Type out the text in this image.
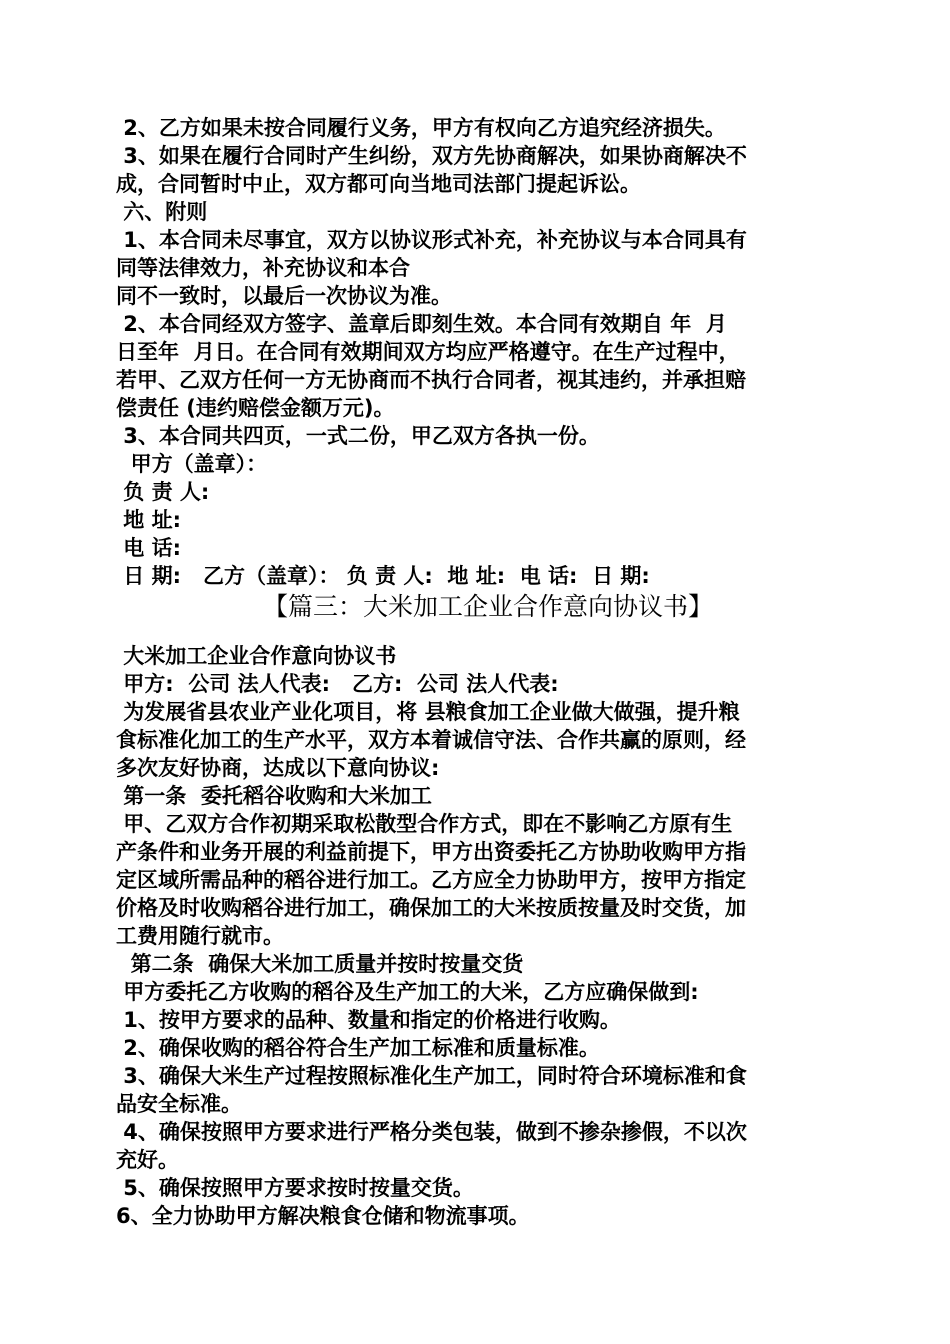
2、乙方如果未按合同履行义务，甲方有权向乙方追究经济损失。
3、如果在履行合同时产生纠纷，双方先协商解决，如果协商解决不
成，合同暂时中止，双方都可向当地司法部门提起诉讼。
六、附则
1、本合同未尽事宜，双方以协议形式补充，补充协议与本合同具有
同等法律效力，补充协议和本合
同不一致时，以最后一次协议为准。
2、本合同经双方签字、盖章后即刻生效。本合同有效期自 年  月
日至年  月日。在合同有效期间双方均应严格遵守。在生产过程中，
若甲、乙双方任何一方无协商而不执行合同者，视其违约，并承担赔
偿责任 (违约赔偿金额万元)。
3、本合同共四页，一式二份，甲乙双方各执一份。
甲方（盖章）：
负 责 人:
地 址:
电 话:
日 期:   乙方（盖章）： 负 责 人:  地 址:  电 话:  日 期:
【篇三：大米加工企业合作意向协议书】
大米加工企业合作意向协议书
甲方:  公司 法人代表:   乙方:  公司 法人代表:
为发展省县农业产业化项目，将 县粮食加工企业做大做强，提升粮
食标准化加工的生产水平，双方本着诚信守法、合作共赢的原则，经
多次友好协商，达成以下意向协议:
第一条  委托稻谷收购和大米加工
甲、乙双方合作初期采取松散型合作方式，即在不影响乙方原有生
产条件和业务开展的利益前提下，甲方出资委托乙方协助收购甲方指
定区域所需品种的稻谷进行加工。乙方应全力协助甲方，按甲方指定
价格及时收购稻谷进行加工，确保加工的大米按质按量及时交货，加
工费用随行就市。
第二条  确保大米加工质量并按时按量交货
甲方委托乙方收购的稻谷及生产加工的大米，乙方应确保做到:
1、按甲方要求的品种、数量和指定的价格进行收购。
2、确保收购的稻谷符合生产加工标准和质量标准。
3、确保大米生产过程按照标准化生产加工，同时符合环境标准和食
品安全标准。
4、确保按照甲方要求进行严格分类包装，做到不掺杂掺假，不以次
充好。
5、确保按照甲方要求按时按量交货。
6、全力协助甲方解决粮食仓储和物流事项。
